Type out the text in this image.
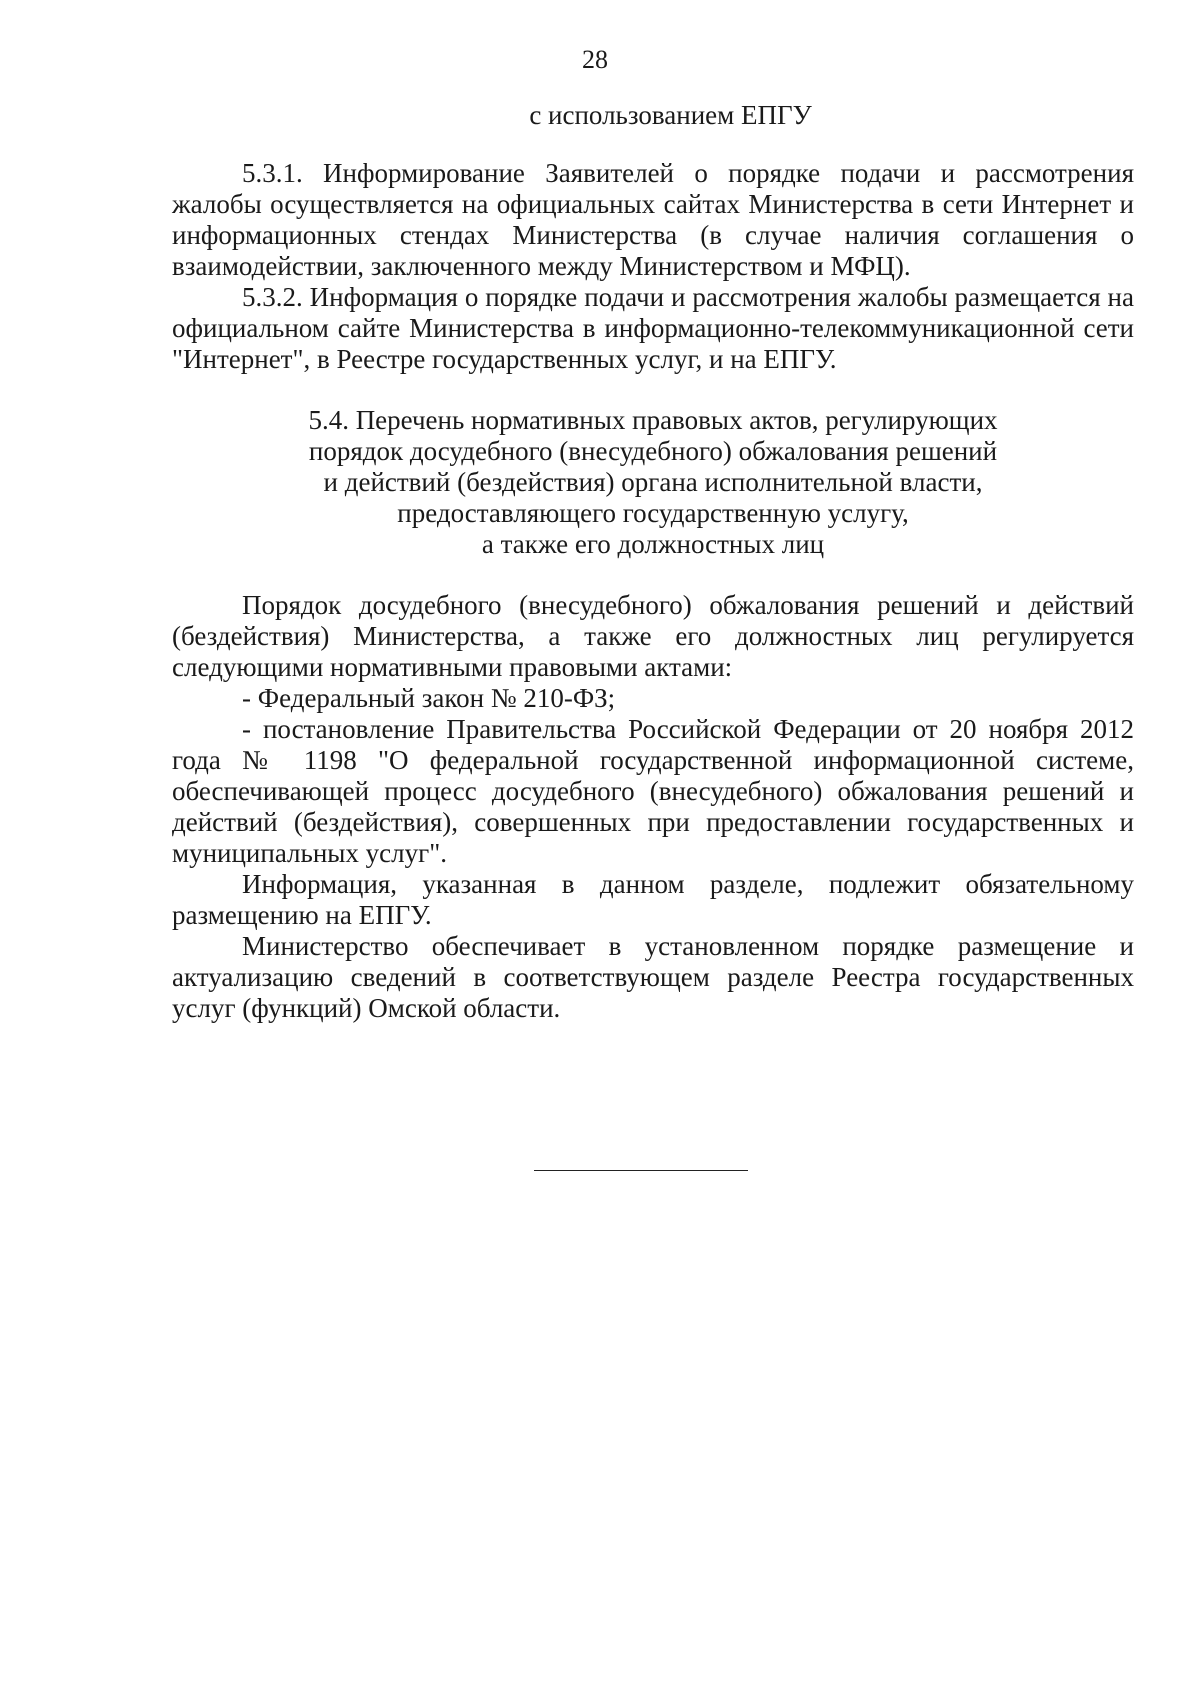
28

с использованием ЕПГУ

5.3.1. Информирование Заявителей о порядке подачи и рассмотрения жалобы осуществляется на официальных сайтах Министерства в сети Интернет и информационных стендах Министерства (в случае наличия соглашения о взаимодействии, заключенного между Министерством и МФЦ).

5.3.2. Информация о порядке подачи и рассмотрения жалобы размещается на официальном сайте Министерства в информационно-телекоммуникационной сети "Интернет", в Реестре государственных услуг, и на ЕПГУ.

5.4. Перечень нормативных правовых актов, регулирующих
порядок досудебного (внесудебного) обжалования решений
и действий (бездействия) органа исполнительной власти,
предоставляющего государственную услугу,
а также его должностных лиц

Порядок досудебного (внесудебного) обжалования решений и действий (бездействия) Министерства, а также его должностных лиц регулируется следующими нормативными правовыми актами:

- Федеральный закон № 210-ФЗ;

- постановление Правительства Российской Федерации от 20 ноября 2012 года № 1198 "О федеральной государственной информационной системе, обеспечивающей процесс досудебного (внесудебного) обжалования решений и действий (бездействия), совершенных при предоставлении государственных и муниципальных услуг".

Информация, указанная в данном разделе, подлежит обязательному размещению на ЕПГУ.

Министерство обеспечивает в установленном порядке размещение и актуализацию сведений в соответствующем разделе Реестра государственных услуг (функций) Омской области.
